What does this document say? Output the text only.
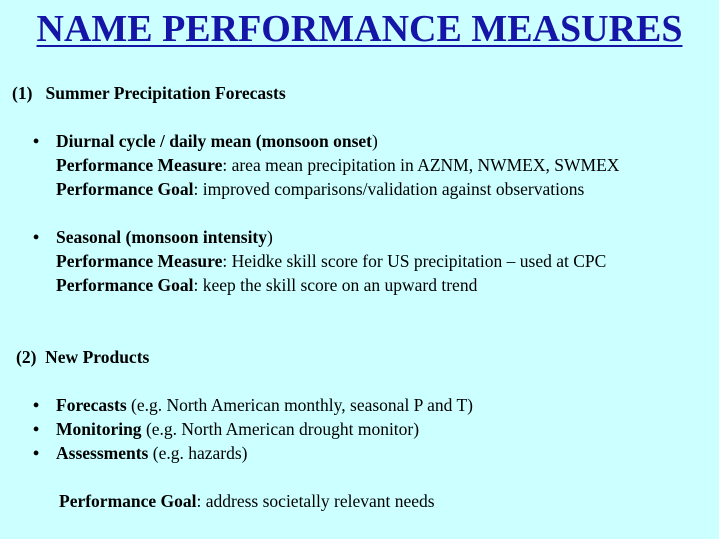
NAME PERFORMANCE MEASURES
(1) Summer Precipitation Forecasts
• Diurnal cycle / daily mean (monsoon onset)
Performance Measure: area mean precipitation in AZNM, NWMEX, SWMEX
Performance Goal: improved comparisons/validation against observations
• Seasonal (monsoon intensity)
Performance Measure: Heidke skill score for US precipitation – used at CPC
Performance Goal: keep the skill score on an upward trend
(2) New Products
• Forecasts (e.g. North American monthly, seasonal P and T)
• Monitoring (e.g. North American drought monitor)
• Assessments (e.g. hazards)
Performance Goal: address societally relevant needs
